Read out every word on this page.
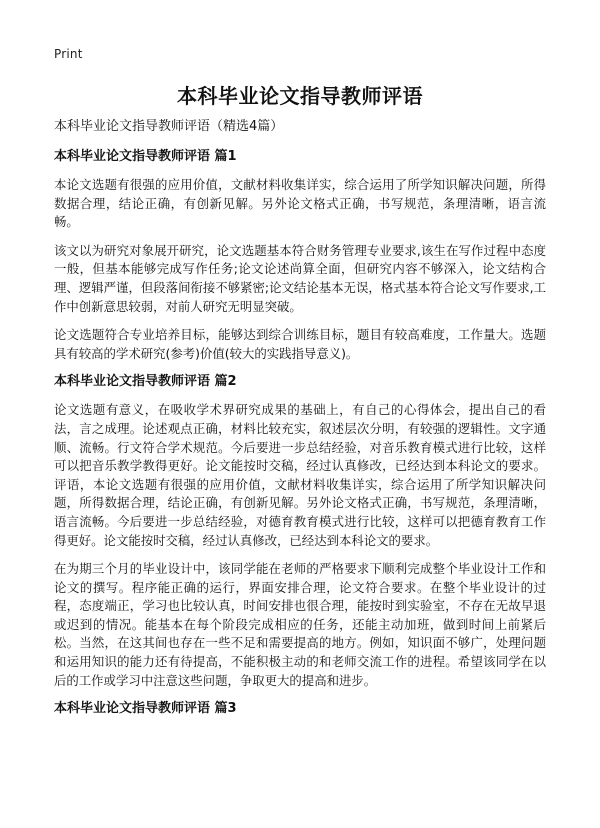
Print
本科毕业论文指导教师评语
本科毕业论文指导教师评语（精选4篇）
本科毕业论文指导教师评语 篇1

本论文选题有很强的应用价值，文献材料收集详实，综合运用了所学知识解决问题，所得数据合理，结论正确，有创新见解。另外论文格式正确，书写规范，条理清晰，语言流畅。

该文以为研究对象展开研究，论文选题基本符合财务管理专业要求,该生在写作过程中态度一般，但基本能够完成写作任务;论文论述尚算全面，但研究内容不够深入，论文结构合理、逻辑严谨，但段落间衔接不够紧密;论文结论基本无误，格式基本符合论文写作要求,工作中创新意思较弱，对前人研究无明显突破。

论文选题符合专业培养目标，能够达到综合训练目标，题目有较高难度，工作量大。选题具有较高的学术研究(参考)价值(较大的实践指导意义)。

本科毕业论文指导教师评语 篇2

论文选题有意义，在吸收学术界研究成果的基础上，有自己的心得体会，提出自己的看法，言之成理。论述观点正确，材料比较充实，叙述层次分明，有较强的逻辑性。文字通顺、流畅。行文符合学术规范。今后要进一步总结经验，对音乐教育模式进行比较，这样可以把音乐教学教得更好。论文能按时交稿，经过认真修改，已经达到本科论文的要求。 评语，本论文选题有很强的应用价值，文献材料收集详实，综合运用了所学知识解决问题，所得数据合理，结论正确，有创新见解。另外论文格式正确，书写规范，条理清晰，语言流畅。今后要进一步总结经验，对德育教育模式进行比较，这样可以把德育教育工作得更好。论文能按时交稿，经过认真修改，已经达到本科论文的要求。

在为期三个月的毕业设计中，该同学能在老师的严格要求下顺利完成整个毕业设计工作和论文的撰写。程序能正确的运行，界面安排合理，论文符合要求。在整个毕业设计的过程，态度端正，学习也比较认真，时间安排也很合理，能按时到实验室，不存在无故早退或迟到的情况。能基本在每个阶段完成相应的任务，还能主动加班，做到时间上前紧后松。当然，在这其间也存在一些不足和需要提高的地方。例如，知识面不够广，处理问题和运用知识的能力还有待提高，不能积极主动的和老师交流工作的进程。希望该同学在以后的工作或学习中注意这些问题，争取更大的提高和进步。

本科毕业论文指导教师评语 篇3
